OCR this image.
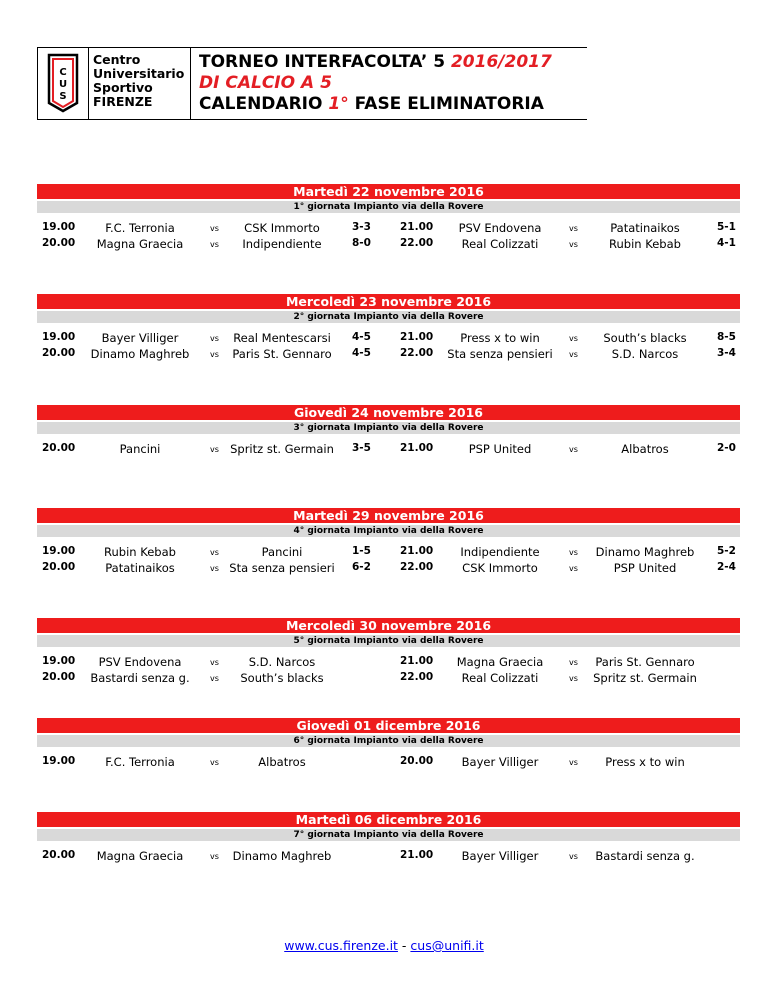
C
U
S
Centro
Universitario
Sportivo
FIRENZE
TORNEO INTERFACOLTA’ 5 2016/2017
DI CALCIO A 5
CALENDARIO 1° FASE ELIMINATORIA
Martedì 22 novembre 2016
1° giornata Impianto via della Rovere
19.00	F.C. Terronia	vs CSK Immorto	3-3	21.00 PSV Endovena	vs	Patatinaikos	5-1
20.00 Magna Graecia	vs Indipendiente	8-0	22.00 Real Colizzati	vs	Rubin Kebab	4-1
Mercoledì 23 novembre 2016
2° giornata Impianto via della Rovere
19.00 Bayer Villiger	vs Real Mentescarsi 4-5	21.00 Press x to win	vs South’s blacks	8-5
20.00 Dinamo Maghreb	vs Paris St. Gennaro 4-5	22.00 Sta senza pensieri vs	S.D. Narcos	3-4
Giovedì 24 novembre 2016
3° giornata Impianto via della Rovere
20.00	Pancini	vs Spritz st. Germain 3-5	21.00	PSP United	vs	Albatros	2-0
Martedì 29 novembre 2016
4° giornata Impianto via della Rovere
19.00	Rubin Kebab	vs	Pancini	1-5	21.00 Indipendiente	vs Dinamo Maghreb 5-2
20.00	Patatinaikos	vs Sta senza pensieri 6-2	22.00	CSK Immorto	vs	PSP United	2-4
Mercoledì 30 novembre 2016
5° giornata Impianto via della Rovere
19.00 PSV Endovena	vs	S.D. Narcos	21.00 Magna Graecia	vs Paris St. Gennaro
20.00 Bastardi senza g.	vs South’s blacks	22.00 Real Colizzati	vs Spritz st. Germain
Giovedì 01 dicembre 2016
6° giornata Impianto via della Rovere
19.00	F.C. Terronia	vs	Albatros	20.00 Bayer Villiger	vs Press x to win
Martedì 06 dicembre 2016
7° giornata Impianto via della Rovere
20.00 Magna Graecia	vs Dinamo Maghreb	21.00 Bayer Villiger	vs Bastardi senza g.
www.cus.firenze.it - cus@unifi.it
